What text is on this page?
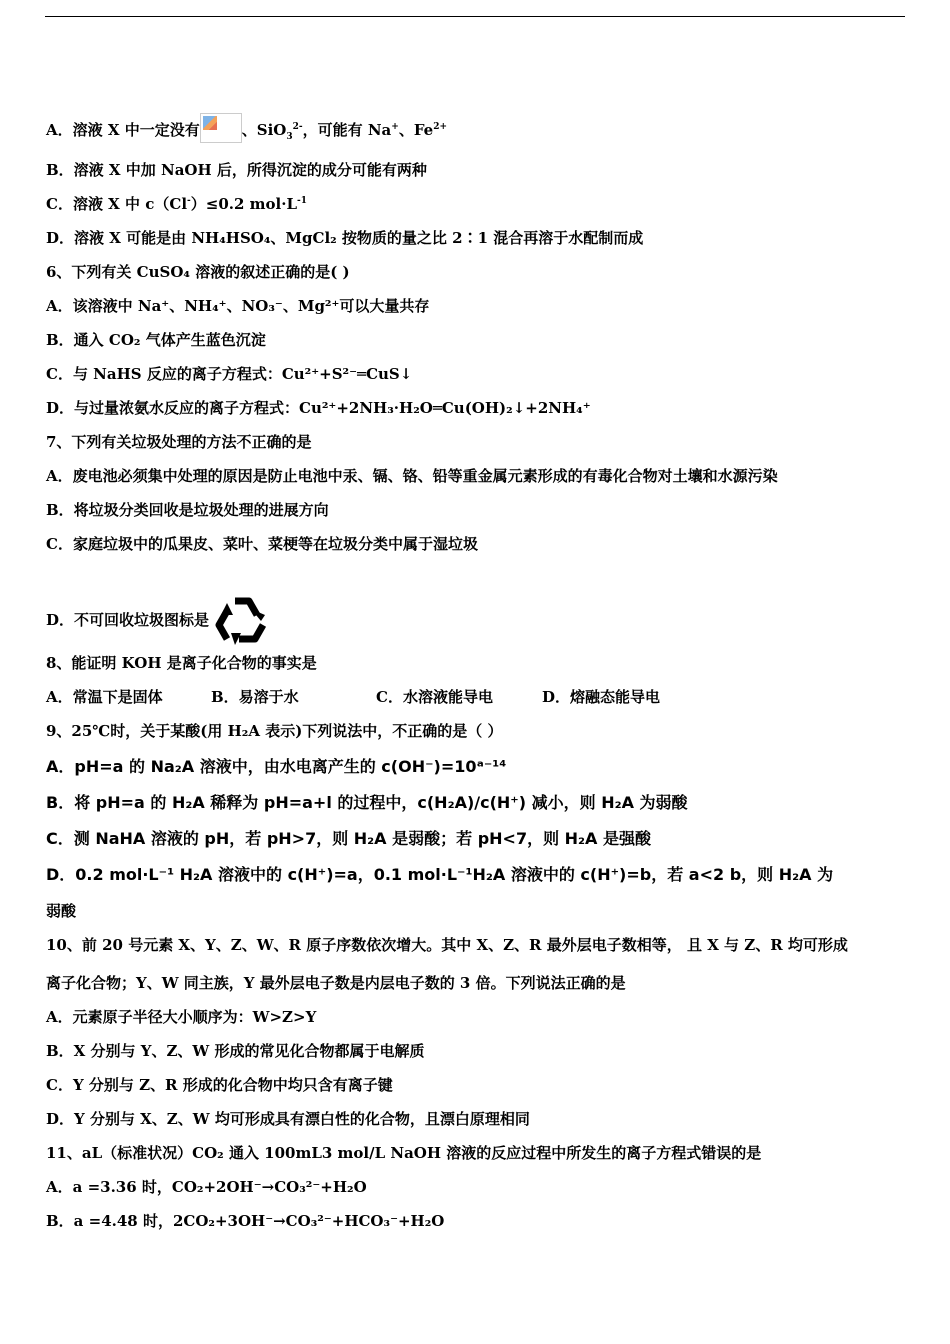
A．溶液 X 中一定没有	、SiO$_3^{2-}$，可能有 Na+、$Fe^{2+}$
B．溶液 X 中加 NaOH 后，所得沉淀的成分可能有两种
C．溶液 X 中 c（Cl-）≤0.2 $mol\cdot L^{-1}$
D．溶液 X 可能是由 NH₄HSO₄、MgCl₂ 按物质的量之比 2∶1 混合再溶于水配制而成
6、下列有关 CuSO₄ 溶液的叙述正确的是( )
A．该溶液中 Na⁺、NH₄⁺、NO₃⁻、Mg²⁺可以大量共存
B．通入 CO₂ 气体产生蓝色沉淀
C．与 NaHS 反应的离子方程式：Cu²⁺+S²⁻═CuS↓
D．与过量浓氨水反应的离子方程式：Cu²⁺+2NH₃·H₂O═Cu(OH)₂↓+2NH₄⁺
7、下列有关垃圾处理的方法不正确的是
A．废电池必须集中处理的原因是防止电池中汞、镉、铬、铅等重金属元素形成的有毒化合物对土壤和水源污染
B．将垃圾分类回收是垃圾处理的进展方向
C．家庭垃圾中的瓜果皮、菜叶、菜梗等在垃圾分类中属于湿垃圾
D．不可回收垃圾图标是
8、能证明 KOH 是离子化合物的事实是
A．常温下是固体	B．易溶于水	C．水溶液能导电	D．熔融态能导电
9、25℃时，关于某酸(用 H₂A 表示)下列说法中，不正确的是（ ）
A．pH=a 的 Na₂A 溶液中，由水电离产生的 c(OH⁻)=10ᵃ⁻¹⁴
B．将 pH=a 的 H₂A 稀释为 pH=a+l 的过程中，c(H₂A)/c(H⁺) 减小，则 H₂A 为弱酸
C．测 NaHA 溶液的 pH，若 pH>7，则 H₂A 是弱酸；若 pH<7，则 H₂A 是强酸
D．0.2 mol·L⁻¹ H₂A 溶液中的 c(H⁺)=a，0.1 mol·L⁻¹H₂A 溶液中的 c(H⁺)=b，若 a<2 b，则 H₂A 为
弱酸
10、前 20 号元素 X、Y、Z、W、R 原子序数依次增大。其中 X、Z、R 最外层电子数相等， 且 X 与 Z、R 均可形成
离子化合物；Y、W 同主族，Y 最外层电子数是内层电子数的 3 倍。下列说法正确的是
A．元素原子半径大小顺序为：W>Z>Y
B．X 分别与 Y、Z、W 形成的常见化合物都属于电解质
C．Y 分别与 Z、R 形成的化合物中均只含有离子键
D．Y 分别与 X、Z、W 均可形成具有漂白性的化合物，且漂白原理相同
11、aL（标准状况）CO₂ 通入 100mL3 mol/L NaOH 溶液的反应过程中所发生的离子方程式错误的是
A．a =3.36 时，CO₂+2OH⁻→CO₃²⁻+H₂O
B．a =4.48 时，2CO₂+3OH⁻→CO₃²⁻+HCO₃⁻+H₂O
